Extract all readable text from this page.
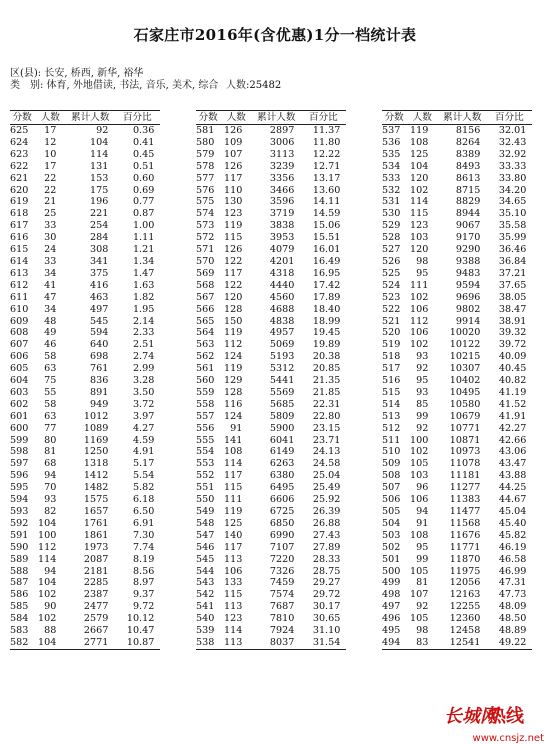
石家庄市2016年(含优惠)1分一档统计表
区(县): 长安, 桥西, 新华, 裕华
类　别: 体育, 外地借读, 书法, 音乐, 美术, 综合 人数:25482
分数	人数	累计人数	百分比
625	17	92	0.36
624	12	104	0.41
623	10	114	0.45
622	17	131	0.51
621	22	153	0.60
620	22	175	0.69
619	21	196	0.77
618	25	221	0.87
617	33	254	1.00
616	30	284	1.11
615	24	308	1.21
614	33	341	1.34
613	34	375	1.47
612	41	416	1.63
611	47	463	1.82
610	34	497	1.95
609	48	545	2.14
608	49	594	2.33
607	46	640	2.51
606	58	698	2.74
605	63	761	2.99
604	75	836	3.28
603	55	891	3.50
602	58	949	3.72
601	63	1012	3.97
600	77	1089	4.27
599	80	1169	4.59
598	81	1250	4.91
597	68	1318	5.17
596	94	1412	5.54
595	70	1482	5.82
594	93	1575	6.18
593	82	1657	6.50
592	104	1761	6.91
591	100	1861	7.30
590	112	1973	7.74
589	114	2087	8.19
588	94	2181	8.56
587	104	2285	8.97
586	102	2387	9.37
585	90	2477	9.72
584	102	2579	10.12
583	88	2667	10.47
582	104	2771	10.87
分数	人数	累计人数	百分比
581	126	2897	11.37
580	109	3006	11.80
579	107	3113	12.22
578	126	3239	12.71
577	117	3356	13.17
576	110	3466	13.60
575	130	3596	14.11
574	123	3719	14.59
573	119	3838	15.06
572	115	3953	15.51
571	126	4079	16.01
570	122	4201	16.49
569	117	4318	16.95
568	122	4440	17.42
567	120	4560	17.89
566	128	4688	18.40
565	150	4838	18.99
564	119	4957	19.45
563	112	5069	19.89
562	124	5193	20.38
561	119	5312	20.85
560	129	5441	21.35
559	128	5569	21.85
558	116	5685	22.31
557	124	5809	22.80
556	91	5900	23.15
555	141	6041	23.71
554	108	6149	24.13
553	114	6263	24.58
552	117	6380	25.04
551	115	6495	25.49
550	111	6606	25.92
549	119	6725	26.39
548	125	6850	26.88
547	140	6990	27.43
546	117	7107	27.89
545	113	7220	28.33
544	106	7326	28.75
543	133	7459	29.27
542	115	7574	29.72
541	113	7687	30.17
540	123	7810	30.65
539	114	7924	31.10
538	113	8037	31.54
分数	人数	累计人数	百分比
537	119	8156	32.01
536	108	8264	32.43
535	125	8389	32.92
534	104	8493	33.33
533	120	8613	33.80
532	102	8715	34.20
531	114	8829	34.65
530	115	8944	35.10
529	123	9067	35.58
528	103	9170	35.99
527	120	9290	36.46
526	98	9388	36.84
525	95	9483	37.21
524	111	9594	37.65
523	102	9696	38.05
522	106	9802	38.47
521	112	9914	38.91
520	106	10020	39.32
519	102	10122	39.72
518	93	10215	40.09
517	92	10307	40.45
516	95	10402	40.82
515	93	10495	41.19
514	85	10580	41.52
513	99	10679	41.91
512	92	10771	42.27
511	100	10871	42.66
510	102	10973	43.06
509	105	11078	43.47
508	103	11181	43.88
507	96	11277	44.25
506	106	11383	44.67
505	94	11477	45.04
504	91	11568	45.40
503	108	11676	45.82
502	95	11771	46.19
501	99	11870	46.58
500	105	11975	46.99
499	81	12056	47.31
498	107	12163	47.73
497	92	12255	48.09
496	105	12360	48.50
495	98	12458	48.89
494	83	12541	49.22
长城网
热线
www.cnsjz.net
